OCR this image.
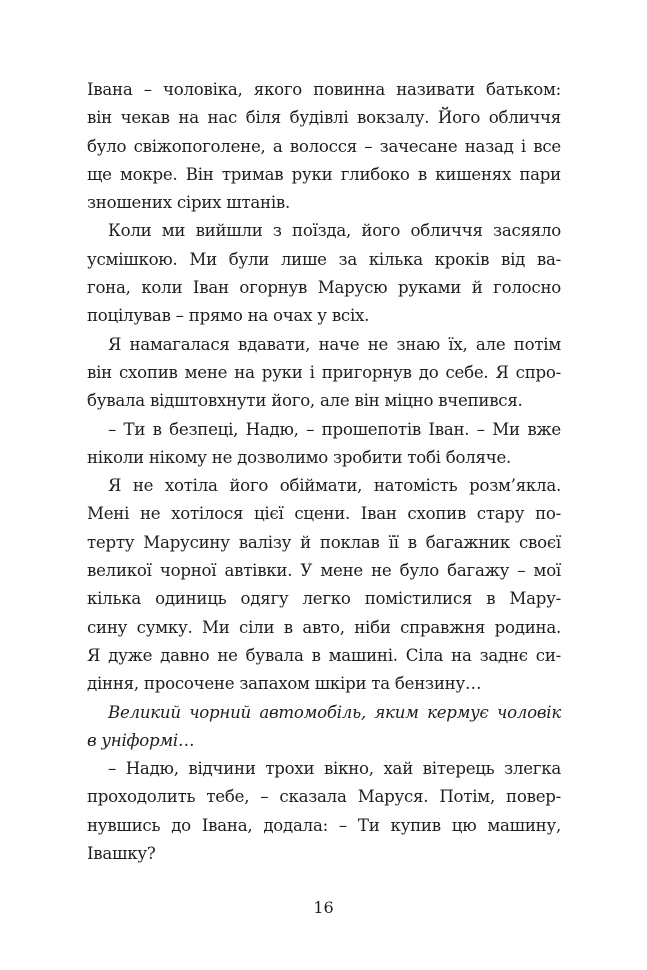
Івана – чоловіка, якого повинна називати батьком:
він чекав на нас біля будівлі вокзалу. Його обличчя
було свіжопоголене, а волосся – зачесане назад і все
ще мокре. Він тримав руки глибоко в кишенях пари
зношених сірих штанів.
Коли ми вийшли з поїзда, його обличчя засяяло
усмішкою. Ми були лише за кілька кроків від ва-
гона, коли Іван огорнув Марусю руками й голосно
поцілував – прямо на очах у всіх.
Я намагалася вдавати, наче не знаю їх, але потім
він схопив мене на руки і пригорнув до себе. Я спро-
бувала відштовхнути його, але він міцно вчепився.
– Ти в безпеці, Надю, – прошепотів Іван. – Ми вже
ніколи нікому не дозволимо зробити тобі боляче.
Я не хотіла його обіймати, натомість розм’якла.
Мені не хотілося цієї сцени. Іван схопив стару по-
терту Марусину валізу й поклав її в багажник своєї
великої чорної автівки. У мене не було багажу – мої
кілька одиниць одягу легко помістилися в Мару-
сину сумку. Ми сіли в авто, ніби справжня родина.
Я дуже давно не бувала в машині. Сіла на заднє си-
діння, просочене запахом шкіри та бензину…
Великий чорний автомобіль, яким кермує чоловік
в уніформі…
– Надю, відчини трохи вікно, хай вітерець злегка
проходолить тебе, – сказала Маруся. Потім, повер-
нувшись до Івана, додала: – Ти купив цю машину,
Івашку?
16
